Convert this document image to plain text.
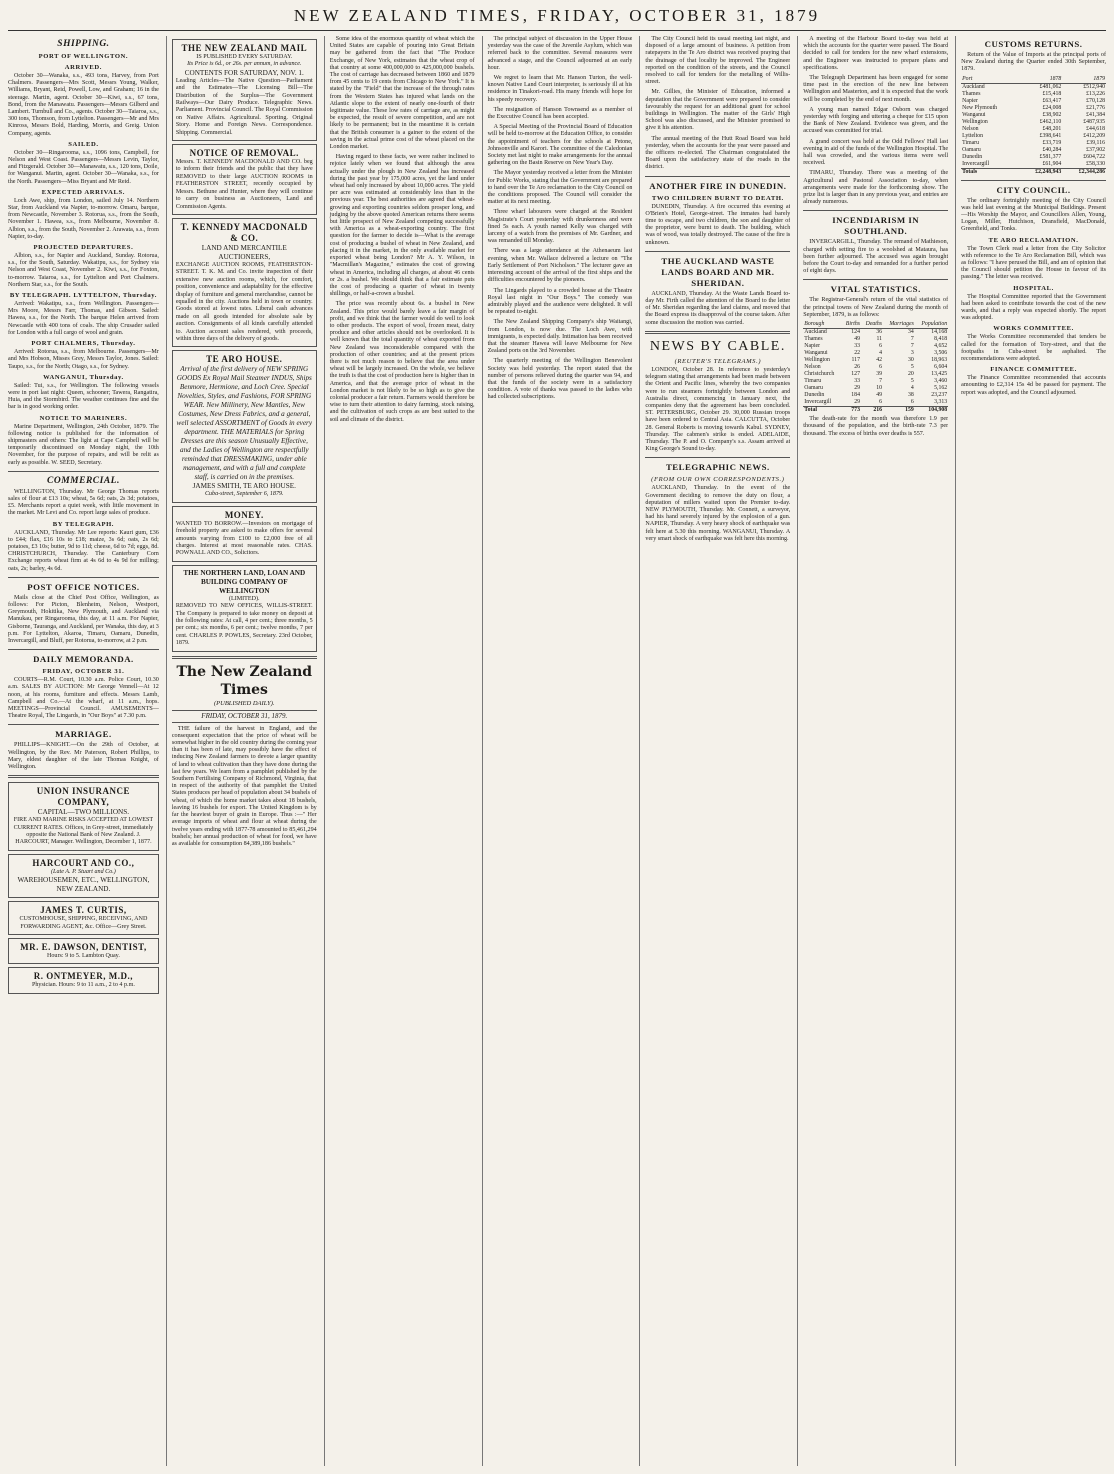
NEW ZEALAND TIMES, FRIDAY, OCTOBER 31, 1879
SHIPPING.
PORT OF WELLINGTON.
ARRIVED.

October 30—Wanaka, s.s., 493 tons, Harvey, from Port Chalmers. Passengers—Mrs Scott, Messrs Young, Walker, Williams, Bryant, Reid, Powell, Low, and Graham; 16 in the steerage. Martin, agent. October 30—Kiwi, s.s., 67 tons, Bond, from the Manawatu. Passengers—Messrs Gilberd and Lambert. Turnbull and Co., agents. October 30—Taiaroa, s.s., 300 tons, Thomson, from Lyttelton. Passengers—Mr and Mrs Kinross, Messrs Bold, Harding, Morris, and Greig. Union Company, agents.

SAILED.

October 30—Ringarooma, s.s., 1096 tons, Campbell, for Nelson and West Coast. Passengers—Messrs Levin, Taylor, and Fitzgerald. October 30—Manawatu, s.s., 120 tons, Doile, for Wanganui. Martin, agent. October 30—Wanaka, s.s., for the North. Passengers—Miss Bryant and Mr Reid.

EXPECTED ARRIVALS.

Loch Awe, ship, from London, sailed July 14. Northern Star, from Auckland via Napier, to-morrow. Omaru, barque, from Newcastle, November 3. Rotorua, s.s., from the South, November 1. Hawea, s.s., from Melbourne, November 8. Albion, s.s., from the South, November 2. Arawata, s.s., from Napier, to-day.

PROJECTED DEPARTURES.

Albion, s.s., for Napier and Auckland, Sunday. Rotorua, s.s., for the South, Saturday. Wakatipu, s.s., for Sydney via Nelson and West Coast, November 2. Kiwi, s.s., for Foxton, to-morrow. Taiaroa, s.s., for Lyttelton and Port Chalmers. Northern Star, s.s., for the South.

BY TELEGRAPH. LYTTELTON, Thursday.

Arrived: Wakatipu, s.s., from Wellington. Passengers—Mrs Moore, Messrs Farr, Thomas, and Gibson. Sailed: Hawea, s.s., for the North. The barque Helen arrived from Newcastle with 400 tons of coals. The ship Crusader sailed for London with a full cargo of wool and grain.

PORT CHALMERS, Thursday.

Arrived: Rotorua, s.s., from Melbourne. Passengers—Mr and Mrs Hobson, Misses Grey, Messrs Taylor, Jones. Sailed: Taupo, s.s., for the North; Otago, s.s., for Sydney.

WANGANUI, Thursday.

Sailed: Tui, s.s., for Wellington. The following vessels were in port last night: Queen, schooner; Tawera, Rangatira, Huia, and the Stormbird. The weather continues fine and the bar is in good working order.

NOTICE TO MARINERS.

Marine Department, Wellington, 24th October, 1879. The following notice is published for the information of shipmasters and others: The light at Cape Campbell will be temporarily discontinued on Monday night, the 10th November, for the purpose of repairs, and will be relit as early as possible. W. SEED, Secretary.

COMMERCIAL.

WELLINGTON, Thursday. Mr George Thomas reports sales of flour at £13 10s; wheat, 5s 6d; oats, 2s 3d; potatoes, £5. Merchants report a quiet week, with little movement in the market. Mr Levi and Co. report large sales of produce.

BY TELEGRAPH.

AUCKLAND, Thursday. Mr Lee reports: Kauri gum, £36 to £44; flax, £16 10s to £18; maize, 3s 6d; oats, 2s 6d; potatoes, £3 10s; butter, 9d to 11d; cheese, 6d to 7d; eggs, 8d. CHRISTCHURCH, Thursday. The Canterbury Corn Exchange reports wheat firm at 4s 6d to 4s 9d for milling; oats, 2s; barley, 4s 6d.

POST OFFICE NOTICES.

Mails close at the Chief Post Office, Wellington, as follows: For Picton, Blenheim, Nelson, Westport, Greymouth, Hokitika, New Plymouth, and Auckland via Manukau, per Ringarooma, this day, at 11 a.m. For Napier, Gisborne, Tauranga, and Auckland, per Wanaka, this day, at 3 p.m. For Lyttelton, Akaroa, Timaru, Oamaru, Dunedin, Invercargill, and Bluff, per Rotorua, to-morrow, at 2 p.m.

DAILY MEMORANDA.
FRIDAY, OCTOBER 31.

COURTS—R.M. Court, 10.30 a.m. Police Court, 10.30 a.m. SALES BY AUCTION: Mr George Vennell—At 12 noon, at his rooms, furniture and effects. Messrs Lamb, Campbell and Co.—At the wharf, at 11 a.m., hops. MEETINGS—Provincial Council. AMUSEMENTS—Theatre Royal, The Lingards, in "Our Boys" at 7.30 p.m.

MARRIAGE.

PHILLIPS—KNIGHT.—On the 29th of October, at Wellington, by the Rev. Mr Paterson, Robert Phillips, to Mary, eldest daughter of the late Thomas Knight, of Wellington.

UNION INSURANCE COMPANY,
CAPITAL—TWO MILLIONS.
FIRE AND MARINE RISKS ACCEPTED AT LOWEST CURRENT RATES. Offices, in Grey-street, immediately opposite the National Bank of New Zealand. J. HARCOURT, Manager. Wellington, December 1, 1877.
HARCOURT AND CO.,
(Late A. P. Stuart and Co.)
WAREHOUSEMEN, ETC., WELLINGTON, NEW ZEALAND.
JAMES T. CURTIS,
CUSTOMHOUSE, SHIPPING, RECEIVING, AND FORWARDING AGENT, &c. Office—Grey Street.
MR. E. DAWSON, DENTIST,
Hours: 9 to 5. Lambton Quay.
R. ONTMEYER, M.D.,
Physician. Hours: 9 to 11 a.m., 2 to 4 p.m.
THE NEW ZEALAND MAIL
IS PUBLISHED EVERY SATURDAY.
Its Price is 6d., or 26s. per annum, in advance.
CONTENTS FOR SATURDAY, NOV. 1.
Leading Articles—The Native Question—Parliament and the Estimates—The Licensing Bill—The Distribution of the Surplus—The Government Railways—Our Dairy Produce. Telegraphic News. Parliament. Provincial Council. The Royal Commission on Native Affairs. Agricultural. Sporting. Original Story. Home and Foreign News. Correspondence. Shipping. Commercial.
NOTICE OF REMOVAL.
Messrs. T. KENNEDY MACDONALD AND CO. beg to inform their friends and the public that they have REMOVED to their large AUCTION ROOMS in FEATHERSTON STREET, recently occupied by Messrs. Bethune and Hunter, where they will continue to carry on business as Auctioneers, Land and Commission Agents.
T. KENNEDY MACDONALD & CO.
LAND AND MERCANTILE AUCTIONEERS,
EXCHANGE AUCTION ROOMS, FEATHERSTON-STREET. T. K. M. and Co. invite inspection of their extensive new auction rooms, which, for comfort, position, convenience and adaptability for the effective display of furniture and general merchandise, cannot be equalled in the city. Auctions held in town or country. Goods stored at lowest rates. Liberal cash advances made on all goods intended for absolute sale by auction. Consignments of all kinds carefully attended to. Auction account sales rendered, with proceeds, within three days of the delivery of goods.
TE ARO HOUSE.
Arrival of the first delivery of NEW SPRING GOODS Ex Royal Mail Steamer INDUS, Ships Benmore, Hermione, and Loch Cree. Special Novelties, Styles, and Fashions, FOR SPRING WEAR. New Millinery, New Mantles, New Costumes, New Dress Fabrics, and a general, well selected ASSORTMENT of Goods in every department. THE MATERIALS for Spring Dresses are this season Unusually Effective, and the Ladies of Wellington are respectfully reminded that DRESSMAKING, under able management, and with a full and complete staff, is carried on in the premises.
JAMES SMITH, TE ARO HOUSE.
Cuba-street, September 6, 1879.
MONEY.
WANTED TO BORROW.—Investors on mortgage of freehold property are asked to make offers for several amounts varying from £100 to £2,000 free of all charges. Interest at most reasonable rates. CHAS. POWNALL AND CO., Solicitors.
THE NORTHERN LAND, LOAN AND BUILDING COMPANY OF WELLINGTON
(LIMITED).
REMOVED TO NEW OFFICES, WILLIS-STREET. The Company is prepared to take money on deposit at the following rates: At call, 4 per cent.; three months, 5 per cent.; six months, 6 per cent.; twelve months, 7 per cent. CHARLES P. POWLES, Secretary. 23rd October, 1879.
The New Zealand Times
(PUBLISHED DAILY).
FRIDAY, OCTOBER 31, 1879.

THE failure of the harvest in England, and the consequent expectation that the price of wheat will be somewhat higher in the old country during the coming year than it has been of late, may possibly have the effect of inducing New Zealand farmers to devote a larger quantity of land to wheat cultivation than they have done during the last few years. We learn from a pamphlet published by the Southern Fertilising Company of Richmond, Virginia, that in respect of the authority of that pamphlet the United States produces per head of population about 34 bushels of wheat, of which the home market takes about 18 bushels, leaving 16 bushels for export. The United Kingdom is by far the heaviest buyer of grain in Europe. Thus :—" Her average imports of wheat and flour at wheat during the twelve years ending with 1877-78 amounted to 85,461,294 bushels; her annual production of wheat for food, we have as available for consumption 84,389,186 bushels."

Some idea of the enormous quantity of wheat which the United States are capable of pouring into Great Britain may be gathered from the fact that "The Produce Exchange, of New York, estimates that the wheat crop of that country at some 400,000,000 to 425,000,000 bushels. The cost of carriage has decreased between 1860 and 1879 from 45 cents to 19 cents from Chicago to New York." It is stated by the "Field" that the increase of the through rates from the Western States has injured what lands on the Atlantic slope to the extent of nearly one-fourth of their legitimate value. These low rates of carriage are, as might be expected, the result of severe competition, and are not likely to be permanent; but in the meantime it is certain that the British consumer is a gainer to the extent of the saving in the actual prime cost of the wheat placed on the London market.

Having regard to these facts, we were rather inclined to rejoice lately when we found that although the area actually under the plough in New Zealand has increased during the past year by 175,000 acres, yet the land under wheat had only increased by about 10,000 acres. The yield per acre was estimated at considerably less than in the previous year. The best authorities are agreed that wheat-growing and exporting countries seldom prosper long, and judging by the above quoted American returns there seems but little prospect of New Zealand competing successfully with America as a wheat-exporting country. The first question for the farmer to decide is—What is the average cost of producing a bushel of wheat in New Zealand, and placing it in the market, in the only available market for exported wheat being London? Mr A. Y. Wilson, in "Macmillan's Magazine," estimates the cost of growing wheat in America, including all charges, at about 46 cents or 2s. a bushel. We should think that a fair estimate puts the cost of producing a quarter of wheat in twenty shillings, or half-a-crown a bushel.

The price was recently about 6s. a bushel in New Zealand. This price would barely leave a fair margin of profit, and we think that the farmer would do well to look to other products. The export of wool, frozen meat, dairy produce and other articles should not be overlooked. It is well known that the total quantity of wheat exported from New Zealand was inconsiderable compared with the production of other countries; and at the present prices there is not much reason to believe that the area under wheat will be largely increased. On the whole, we believe the truth is that the cost of production here is higher than in America, and that the average price of wheat in the London market is not likely to be so high as to give the colonial producer a fair return. Farmers would therefore be wise to turn their attention to dairy farming, stock raising, and the cultivation of such crops as are best suited to the soil and climate of the district.

The principal subject of discussion in the Upper House yesterday was the case of the Juvenile Asylum, which was referred back to the committee. Several measures were advanced a stage, and the Council adjourned at an early hour.

We regret to learn that Mr. Hanson Turton, the well-known Native Land Court interpreter, is seriously ill at his residence in Tinakori-road. His many friends will hope for his speedy recovery.

The resignation of Hanson Townsend as a member of the Executive Council has been accepted.

A Special Meeting of the Provincial Board of Education will be held to-morrow at the Education Office, to consider the appointment of teachers for the schools at Petone, Johnsonville and Karori. The committee of the Caledonian Society met last night to make arrangements for the annual gathering on the Basin Reserve on New Year's Day.

The Mayor yesterday received a letter from the Minister for Public Works, stating that the Government are prepared to hand over the Te Aro reclamation to the City Council on the conditions proposed. The Council will consider the matter at its next meeting.

Three wharf labourers were charged at the Resident Magistrate's Court yesterday with drunkenness and were fined 5s each. A youth named Kelly was charged with larceny of a watch from the premises of Mr. Gardner, and was remanded till Monday.

There was a large attendance at the Athenaeum last evening, when Mr. Wallace delivered a lecture on "The Early Settlement of Port Nicholson." The lecturer gave an interesting account of the arrival of the first ships and the difficulties encountered by the pioneers.

The Lingards played to a crowded house at the Theatre Royal last night in "Our Boys." The comedy was admirably played and the audience were delighted. It will be repeated to-night.

The New Zealand Shipping Company's ship Waitangi, from London, is now due. The Loch Awe, with immigrants, is expected daily. Intimation has been received that the steamer Hawea will leave Melbourne for New Zealand ports on the 3rd November.

The quarterly meeting of the Wellington Benevolent Society was held yesterday. The report stated that the number of persons relieved during the quarter was 94, and that the funds of the society were in a satisfactory condition. A vote of thanks was passed to the ladies who had collected subscriptions.

The City Council held its usual meeting last night, and disposed of a large amount of business. A petition from ratepayers in the Te Aro district was received praying that the drainage of that locality be improved. The Engineer reported on the condition of the streets, and the Council resolved to call for tenders for the metalling of Willis-street.

Mr. Gillies, the Minister of Education, informed a deputation that the Government were prepared to consider favourably the request for an additional grant for school buildings in Wellington. The matter of the Girls' High School was also discussed, and the Minister promised to give it his attention.

The annual meeting of the Hutt Road Board was held yesterday, when the accounts for the year were passed and the officers re-elected. The Chairman congratulated the Board upon the satisfactory state of the roads in the district.

ANOTHER FIRE IN DUNEDIN.
TWO CHILDREN BURNT TO DEATH.

DUNEDIN, Thursday. A fire occurred this evening at O'Brien's Hotel, George-street. The inmates had barely time to escape, and two children, the son and daughter of the proprietor, were burnt to death. The building, which was of wood, was totally destroyed. The cause of the fire is unknown.

THE AUCKLAND WASTE LANDS BOARD AND MR. SHERIDAN.

AUCKLAND, Thursday. At the Waste Lands Board to-day Mr. Firth called the attention of the Board to the letter of Mr. Sheridan regarding the land claims, and moved that the Board express its disapproval of the course taken. After some discussion the motion was carried.

NEWS BY CABLE.
(REUTER'S TELEGRAMS.)

LONDON, October 28. In reference to yesterday's telegram stating that arrangements had been made between the Orient and Pacific lines, whereby the two companies were to run steamers fortnightly between London and Australia direct, commencing in January next, the companies deny that the agreement has been concluded. ST. PETERSBURG, October 29. 30,000 Russian troops have been ordered to Central Asia. CALCUTTA, October 28. General Roberts is moving towards Kabul. SYDNEY, Thursday. The cabmen's strike is ended. ADELAIDE, Thursday. The P. and O. Company's s.s. Assam arrived at King George's Sound to-day.

TELEGRAPHIC NEWS.
(FROM OUR OWN CORRESPONDENTS.)

AUCKLAND, Thursday. In the event of the Government deciding to remove the duty on flour, a deputation of millers waited upon the Premier to-day. NEW PLYMOUTH, Thursday. Mr. Connett, a surveyor, had his hand severely injured by the explosion of a gun. NAPIER, Thursday. A very heavy shock of earthquake was felt here at 5.30 this morning. WANGANUI, Thursday. A very smart shock of earthquake was felt here this morning.

A meeting of the Harbour Board to-day was held at which the accounts for the quarter were passed. The Board decided to call for tenders for the new wharf extensions, and the Engineer was instructed to prepare plans and specifications.

The Telegraph Department has been engaged for some time past in the erection of the new line between Wellington and Masterton, and it is expected that the work will be completed by the end of next month.

A young man named Edgar Osborn was charged yesterday with forging and uttering a cheque for £15 upon the Bank of New Zealand. Evidence was given, and the accused was committed for trial.

A grand concert was held at the Odd Fellows' Hall last evening in aid of the funds of the Wellington Hospital. The hall was crowded, and the various items were well received.

TIMARU, Thursday. There was a meeting of the Agricultural and Pastoral Association to-day, when arrangements were made for the forthcoming show. The prize list is larger than in any previous year, and entries are already numerous.

INCENDIARISM IN SOUTHLAND.

INVERCARGILL, Thursday. The remand of Mathieson, charged with setting fire to a woolshed at Mataura, has been further adjourned. The accused was again brought before the Court to-day and remanded for a further period of eight days.

VITAL STATISTICS.

The Registrar-General's return of the vital statistics of the principal towns of New Zealand during the month of September, 1879, is as follows:

Borough	Births	Deaths	Marriages	Population
Auckland	124	36	34	14,168
Thames	49	11	7	8,418
Napier	33	6	7	4,652
Wanganui	22	4	3	3,506
Wellington	117	42	30	18,963
Nelson	26	6	5	6,604
Christchurch	127	39	20	13,425
Timaru	33	7	5	3,460
Oamaru	29	10	4	5,162
Dunedin	184	49	38	23,237
Invercargill	29	6	6	3,313
Total	773	216	159	104,908

The death-rate for the month was therefore 1.9 per thousand of the population, and the birth-rate 7.3 per thousand. The excess of births over deaths is 557.

CUSTOMS RETURNS.

Return of the Value of Imports at the principal ports of New Zealand during the Quarter ended 30th September, 1879.

Port	1878	1879
Auckland	£481,062	£512,940
Thames	£15,418	£13,226
Napier	£63,417	£70,128
New Plymouth	£24,008	£21,776
Wanganui	£38,902	£41,384
Wellington	£462,110	£487,935
Nelson	£48,201	£44,618
Lyttelton	£398,641	£412,209
Timaru	£33,719	£39,116
Oamaru	£40,284	£37,902
Dunedin	£581,377	£604,722
Invercargill	£61,904	£58,330
Totals	£2,248,943	£2,344,286
CITY COUNCIL.

The ordinary fortnightly meeting of the City Council was held last evening at the Municipal Buildings. Present—His Worship the Mayor, and Councillors Allen, Young, Logan, Miller, Hutchison, Dransfield, MacDonald, Greenfield, and Tonks.

TE ARO RECLAMATION.

The Town Clerk read a letter from the City Solicitor with reference to the Te Aro Reclamation Bill, which was as follows: "I have perused the Bill, and am of opinion that the Council should petition the House in favour of its passing." The letter was received.

HOSPITAL.

The Hospital Committee reported that the Government had been asked to contribute towards the cost of the new wards, and that a reply was expected shortly. The report was adopted.

WORKS COMMITTEE.

The Works Committee recommended that tenders be called for the formation of Tory-street, and that the footpaths in Cuba-street be asphalted. The recommendations were adopted.

FINANCE COMMITTEE.

The Finance Committee recommended that accounts amounting to £2,314 15s 4d be passed for payment. The report was adopted, and the Council adjourned.
